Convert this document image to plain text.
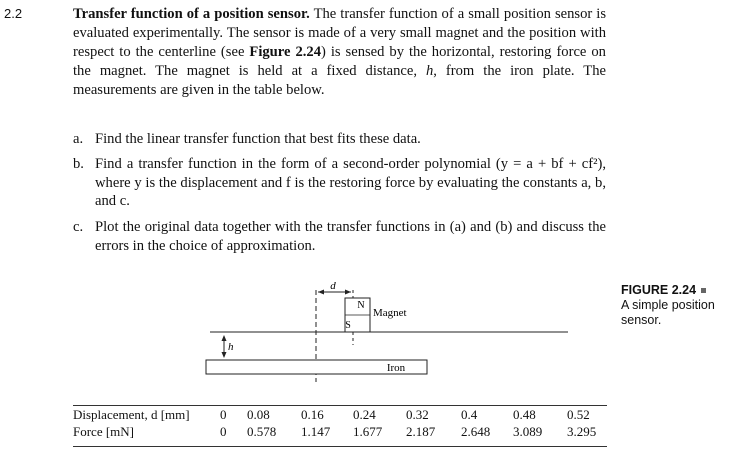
2.2	Transfer function of a position sensor. The transfer function of a small position sensor is evaluated experimentally. The sensor is made of a very small magnet and the position with respect to the centerline (see Figure 2.24) is sensed by the horizontal, restoring force on the magnet. The magnet is held at a fixed distance, h, from the iron plate. The measurements are given in the table below.
a. Find the linear transfer function that best fits these data.
b. Find a transfer function in the form of a second-order polynomial (y = a + bf + cf²), where y is the displacement and f is the restoring force by evaluating the constants a, b, and c.
c. Plot the original data together with the transfer functions in (a) and (b) and discuss the errors in the choice of approximation.
d
N
S
Magnet
h
Iron
FIGURE 2.24
A simple position sensor.
Displacement, d [mm]	0	0.08	0.16	0.24	0.32	0.4	0.48	0.52
Force [mN]	0	0.578	1.147	1.677	2.187	2.648	3.089	3.295
